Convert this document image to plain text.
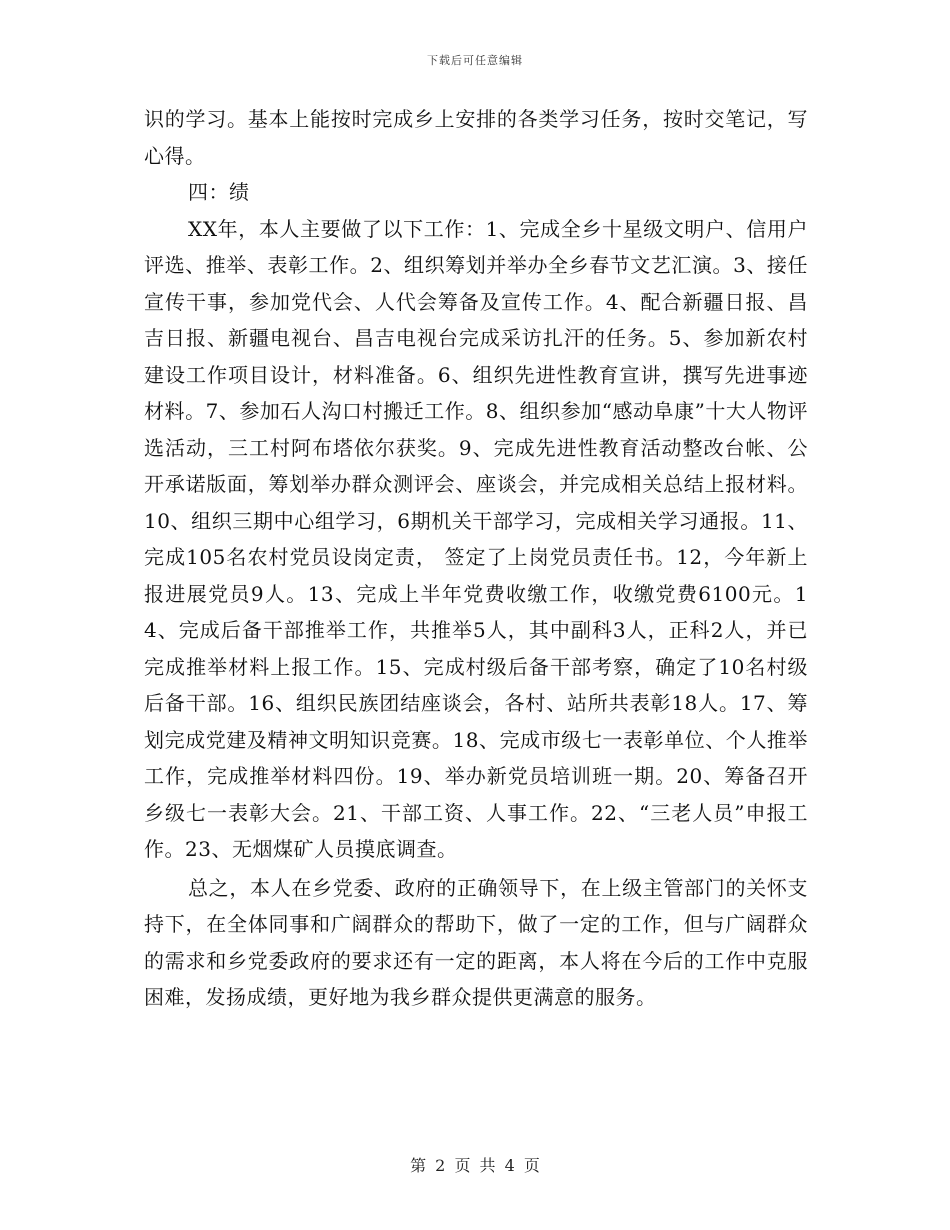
下载后可任意编辑

识的学习。基本上能按时完成乡上安排的各类学习任务，按时交笔记，写心得。

四：绩

XX年，本人主要做了以下工作：1、完成全乡十星级文明户、信用户评选、推举、表彰工作。2、组织筹划并举办全乡春节文艺汇演。3、接任宣传干事，参加党代会、人代会筹备及宣传工作。4、配合新疆日报、昌吉日报、新疆电视台、昌吉电视台完成采访扎汗的任务。5、参加新农村建设工作项目设计，材料准备。6、组织先进性教育宣讲，撰写先进事迹材料。7、参加石人沟口村搬迁工作。8、组织参加“感动阜康”十大人物评选活动，三工村阿布塔依尔获奖。9、完成先进性教育活动整改台帐、公开承诺版面，筹划举办群众测评会、座谈会，并完成相关总结上报材料。10、组织三期中心组学习，6期机关干部学习，完成相关学习通报。11、完成105名农村党员设岗定责， 签定了上岗党员责任书。12，今年新上报进展党员9人。13、完成上半年党费收缴工作，收缴党费6100元。14、完成后备干部推举工作，共推举5人，其中副科3人，正科2人，并已完成推举材料上报工作。15、完成村级后备干部考察，确定了10名村级后备干部。16、组织民族团结座谈会，各村、站所共表彰18人。17、筹划完成党建及精神文明知识竞赛。18、完成市级七一表彰单位、个人推举工作，完成推举材料四份。19、举办新党员培训班一期。20、筹备召开乡级七一表彰大会。21、干部工资、人事工作。22、“三老人员”申报工作。23、无烟煤矿人员摸底调查。

总之，本人在乡党委、政府的正确领导下，在上级主管部门的关怀支持下，在全体同事和广阔群众的帮助下，做了一定的工作，但与广阔群众的需求和乡党委政府的要求还有一定的距离，本人将在今后的工作中克服困难，发扬成绩，更好地为我乡群众提供更满意的服务。

第 2 页 共 4 页
